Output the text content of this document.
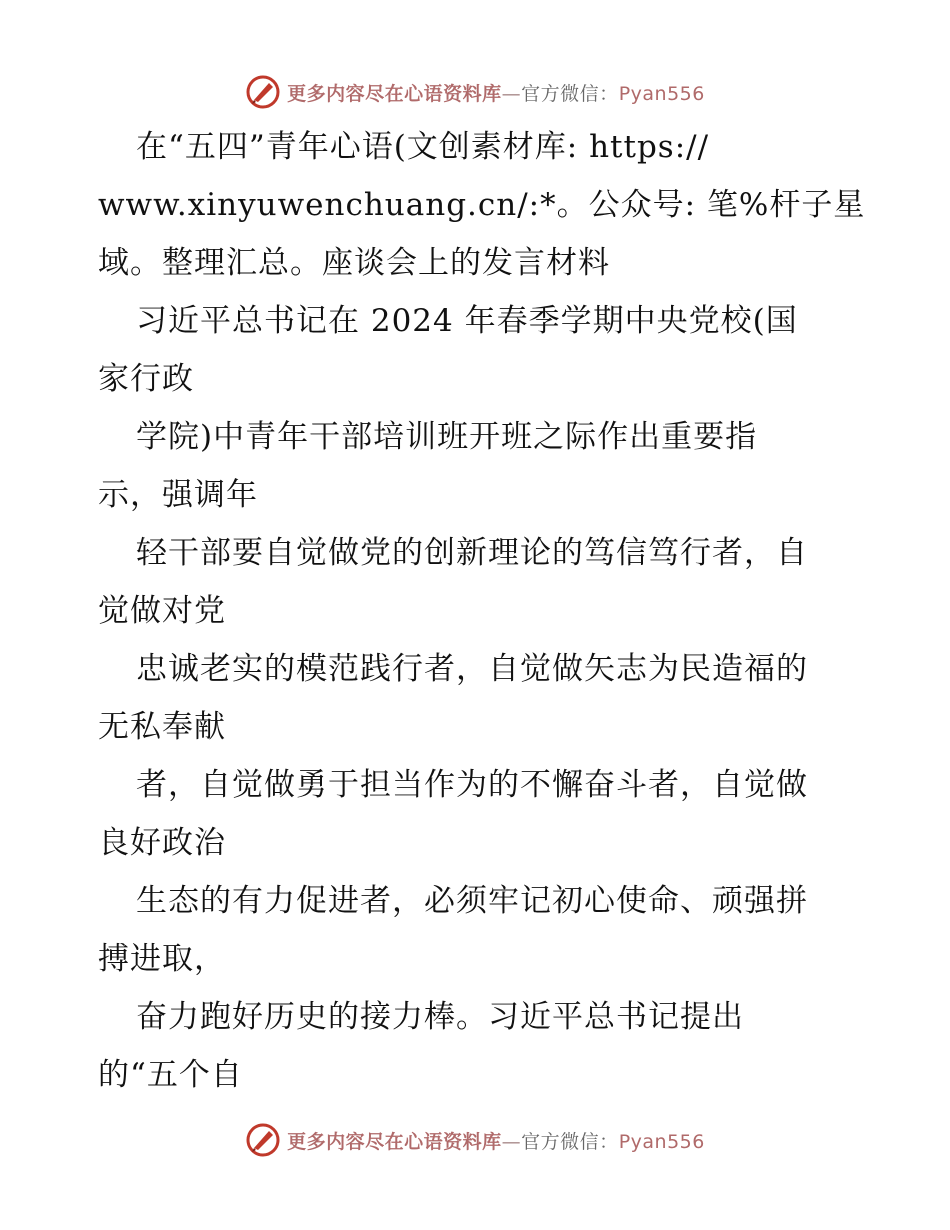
更多内容尽在心语资料库—官方微信：Pyan556
在“五四”青年心语(文创素材库: https://
www.xinyuwenchuang.cn/:*。公众号: 笔%杆子星
域。整理汇总。座谈会上的发言材料
习近平总书记在 2024 年春季学期中央党校(国
家行政
学院)中青年干部培训班开班之际作出重要指
示，强调年
轻干部要自觉做党的创新理论的笃信笃行者，自
觉做对党
忠诚老实的模范践行者，自觉做矢志为民造福的
无私奉献
者，自觉做勇于担当作为的不懈奋斗者，自觉做
良好政治
生态的有力促进者，必须牢记初心使命、顽强拼
搏进取，
奋力跑好历史的接力棒。习近平总书记提出
的“五个自
更多内容尽在心语资料库—官方微信：Pyan556
